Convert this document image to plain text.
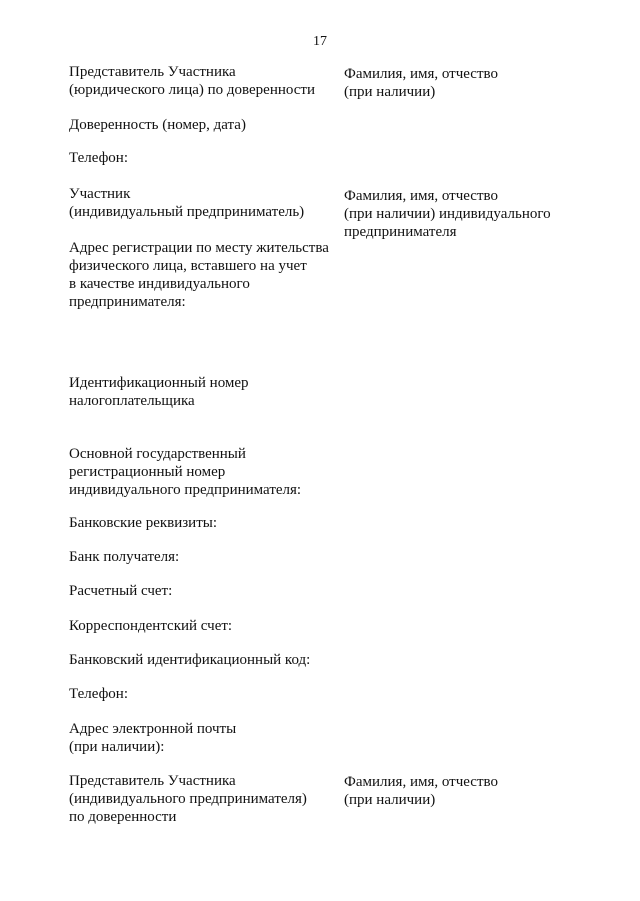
17
Представитель Участника
(юридического лица) по доверенности
Фамилия, имя, отчество
(при наличии)
Доверенность (номер, дата)
Телефон:
Участник
(индивидуальный предприниматель)
Фамилия, имя, отчество
(при наличии) индивидуального
предпринимателя
Адрес регистрации по месту жительства
физического лица, вставшего на учет
в качестве индивидуального
предпринимателя:
Идентификационный номер
налогоплательщика
Основной государственный
регистрационный номер
индивидуального предпринимателя:
Банковские реквизиты:
Банк получателя:
Расчетный счет:
Корреспондентский счет:
Банковский идентификационный код:
Телефон:
Адрес электронной почты
(при наличии):
Представитель Участника
(индивидуального предпринимателя)
по доверенности
Фамилия, имя, отчество
(при наличии)
